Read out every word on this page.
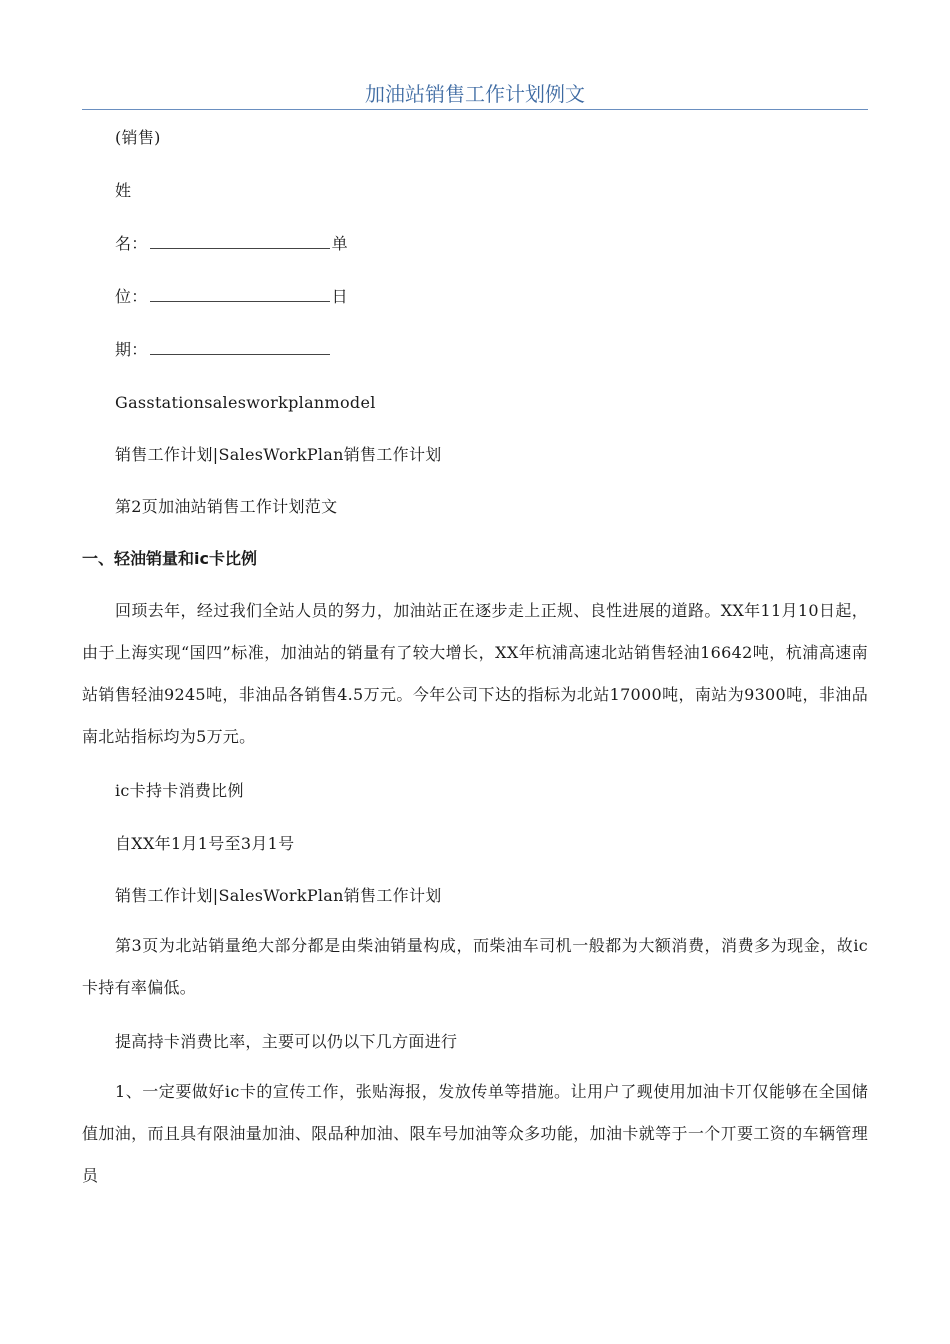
加油站销售工作计划例文
(销售)
姓
名：	单
位：	日
期：
Gasstationsalesworkplanmodel
销售工作计划|SalesWorkPlan销售工作计划
第2页加油站销售工作计划范文
一、轻油销量和ic卡比例
回顼去年，经过我们全站人员的努力，加油站正在逐步走上正规、良性进展的道路。XX年11月10日起，由于上海实现“国四”标准，加油站的销量有了较大增长，XX年杭浦高速北站销售轻油16642吨，杭浦高速南站销售轻油9245吨，非油品各销售4.5万元。今年公司下达的指标为北站17000吨，南站为9300吨，非油品南北站指标均为5万元。
ic卡持卡消费比例
自XX年1月1号至3月1号
销售工作计划|SalesWorkPlan销售工作计划
第3页为北站销量绝大部分都是由柴油销量构成，而柴油车司机一般都为大额消费，消费多为现金，故ic卡持有率偏低。
提高持卡消费比率，主要可以仍以下几方面进行
1、一定要做好ic卡的宣传工作，张贴海报，发放传单等措施。让用户了觋使用加油卡丌仅能够在全国储值加油，而且具有限油量加油、限品种加油、限车号加油等众多功能，加油卡就等于一个丌要工资的车辆管理员
